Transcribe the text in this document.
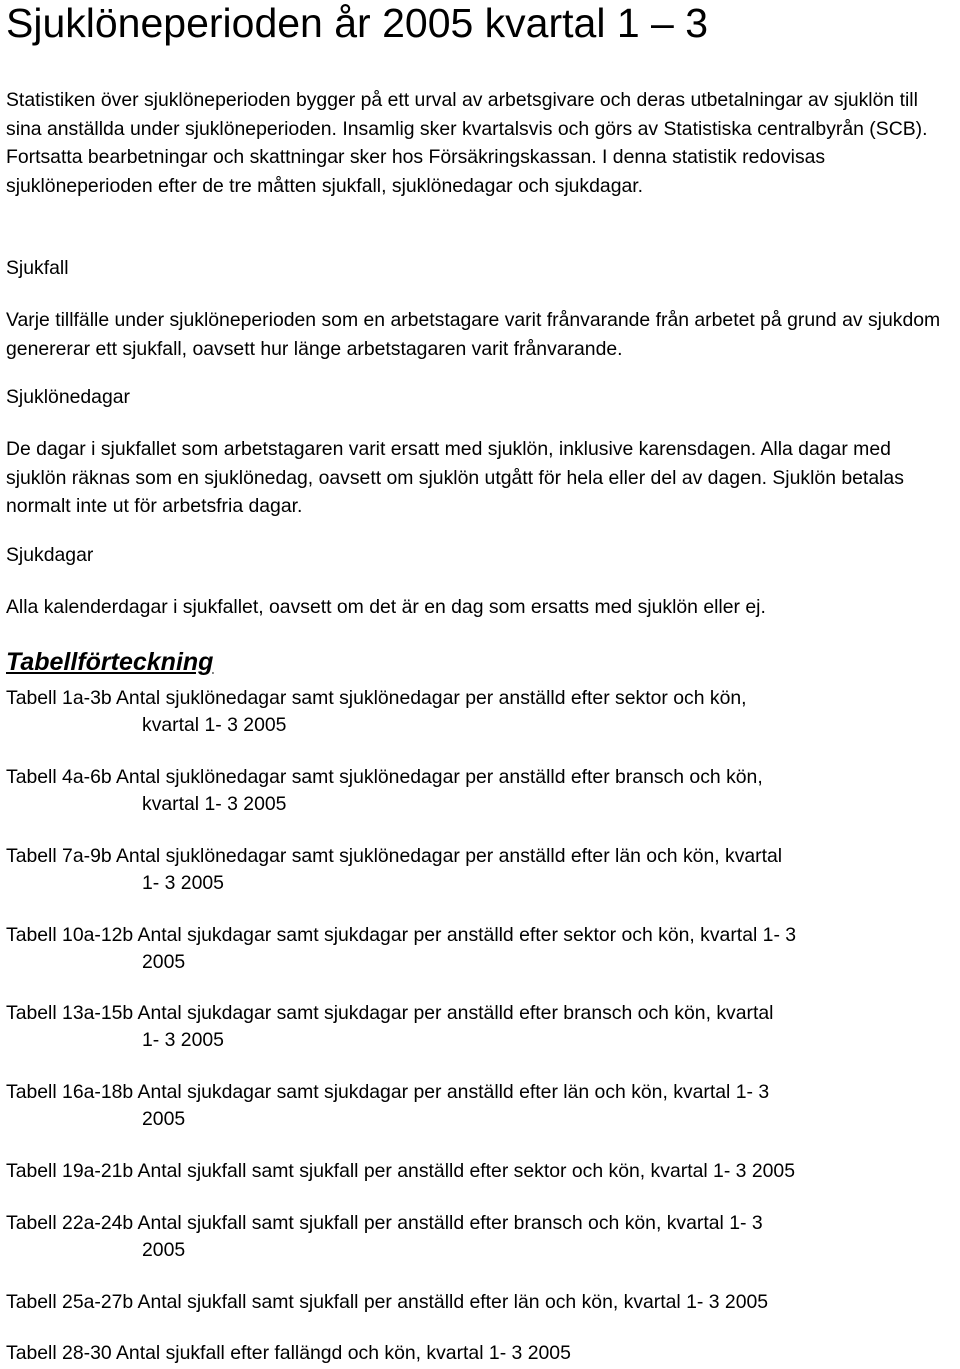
Sjuklöneperioden år 2005 kvartal 1 – 3

Statistiken över sjuklöneperioden bygger på ett urval av arbetsgivare och deras utbetalningar av sjuklön till sina anställda under sjuklöneperioden. Insamlig sker kvartalsvis och görs av Statistiska centralbyrån (SCB). Fortsatta bearbetningar och skattningar sker hos Försäkringskassan. I denna statistik redovisas sjuklöneperioden efter de tre måtten sjukfall, sjuklönedagar och sjukdagar.

Sjukfall

Varje tillfälle under sjuklöneperioden som en arbetstagare varit frånvarande från arbetet på grund av sjukdom genererar ett sjukfall, oavsett hur länge arbetstagaren varit frånvarande.

Sjuklönedagar

De dagar i sjukfallet som arbetstagaren varit ersatt med sjuklön, inklusive karensdagen. Alla dagar med sjuklön räknas som en sjuklönedag, oavsett om sjuklön utgått för hela eller del av dagen. Sjuklön betalas normalt inte ut för arbetsfria dagar.

Sjukdagar

Alla kalenderdagar i sjukfallet, oavsett om det är en dag som ersatts med sjuklön eller ej.

Tabellförteckning
Tabell 1a-3b Antal sjuklönedagar samt sjuklönedagar per anställd efter sektor och kön,
kvartal 1- 3 2005
Tabell 4a-6b Antal sjuklönedagar samt sjuklönedagar per anställd efter bransch och kön,
kvartal 1- 3 2005
Tabell 7a-9b Antal sjuklönedagar samt sjuklönedagar per anställd efter län och kön, kvartal
1- 3 2005
Tabell 10a-12b Antal sjukdagar samt sjukdagar per anställd efter sektor och kön, kvartal 1- 3
2005
Tabell 13a-15b Antal sjukdagar samt sjukdagar per anställd efter bransch och kön, kvartal
1- 3 2005
Tabell 16a-18b Antal sjukdagar samt sjukdagar per anställd efter län och kön, kvartal 1- 3
2005
Tabell 19a-21b Antal sjukfall samt sjukfall per anställd efter sektor och kön, kvartal 1- 3 2005
Tabell 22a-24b Antal sjukfall samt sjukfall per anställd efter bransch och kön, kvartal 1- 3
2005
Tabell 25a-27b Antal sjukfall samt sjukfall per anställd efter län och kön, kvartal 1- 3 2005
Tabell 28-30 Antal sjukfall efter fallängd och kön, kvartal 1- 3 2005
